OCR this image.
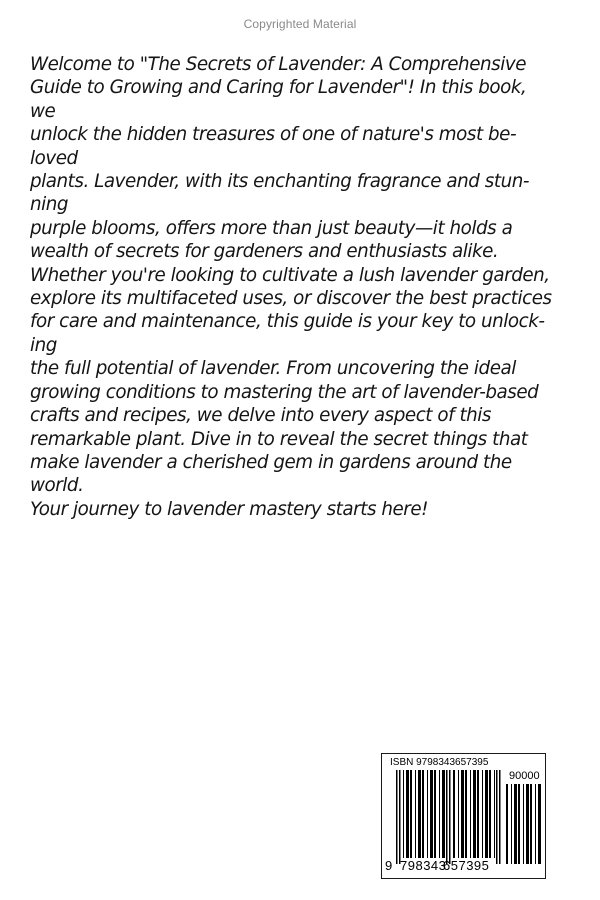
Copyrighted Material
Welcome to "The Secrets of Lavender: A Comprehensive
Guide to Growing and Caring for Lavender"! In this book,
we
unlock the hidden treasures of one of nature's most be-
loved
plants. Lavender, with its enchanting fragrance and stun-
ning
purple blooms, offers more than just beauty—it holds a
wealth of secrets for gardeners and enthusiasts alike.
Whether you're looking to cultivate a lush lavender garden,
explore its multifaceted uses, or discover the best practices
for care and maintenance, this guide is your key to unlock-
ing
the full potential of lavender. From uncovering the ideal
growing conditions to mastering the art of lavender-based
crafts and recipes, we delve into every aspect of this
remarkable plant. Dive in to reveal the secret things that
make lavender a cherished gem in gardens around the
world.
Your journey to lavender mastery starts here!
ISBN 9798343657395
90000
9 798343
657395
